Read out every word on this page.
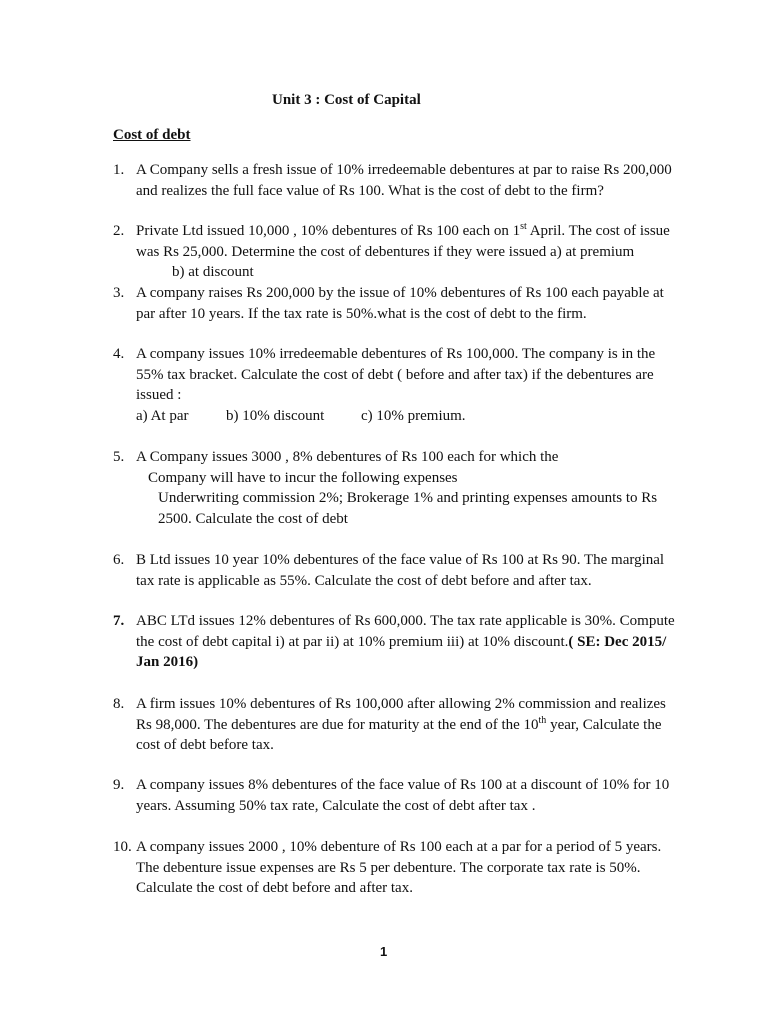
Unit 3 : Cost of Capital
Cost of debt
1. A Company sells a fresh issue of 10% irredeemable debentures at par to raise Rs 200,000
and realizes the full face value of Rs 100. What is the cost of debt to the firm?
2. Private Ltd issued 10,000 , 10% debentures of Rs 100 each on 1st April. The cost of issue
was Rs 25,000. Determine the cost of debentures if they were issued a) at premium
b) at discount
3. A company raises Rs 200,000 by the issue of 10% debentures of Rs 100 each payable at
par after 10 years. If the tax rate is 50%.what is the cost of debt to the firm.
4. A company issues 10% irredeemable debentures of Rs 100,000. The company is in the
55% tax bracket. Calculate the cost of debt ( before and after tax) if the debentures are
issued :
a) At par	b) 10% discount c) 10% premium.
5. A Company issues 3000 , 8% debentures of Rs 100 each for which the
Company will have to incur the following expenses
Underwriting commission 2%; Brokerage 1% and printing expenses amounts to Rs
2500. Calculate the cost of debt
6. B Ltd issues 10 year 10% debentures of the face value of Rs 100 at Rs 90. The marginal
tax rate is applicable as 55%. Calculate the cost of debt before and after tax.
7. ABC LTd issues 12% debentures of Rs 600,000. The tax rate applicable is 30%. Compute
the cost of debt capital i) at par ii) at 10% premium iii) at 10% discount.( SE: Dec 2015/
Jan 2016)
8. A firm issues 10% debentures of Rs 100,000 after allowing 2% commission and realizes
Rs 98,000. The debentures are due for maturity at the end of the 10th year, Calculate the
cost of debt before tax.
9. A company issues 8% debentures of the face value of Rs 100 at a discount of 10% for 10
years. Assuming 50% tax rate, Calculate the cost of debt after tax .
10. A company issues 2000 , 10% debenture of Rs 100 each at a par for a period of 5 years.
The debenture issue expenses are Rs 5 per debenture. The corporate tax rate is 50%.
Calculate the cost of debt before and after tax.
1
